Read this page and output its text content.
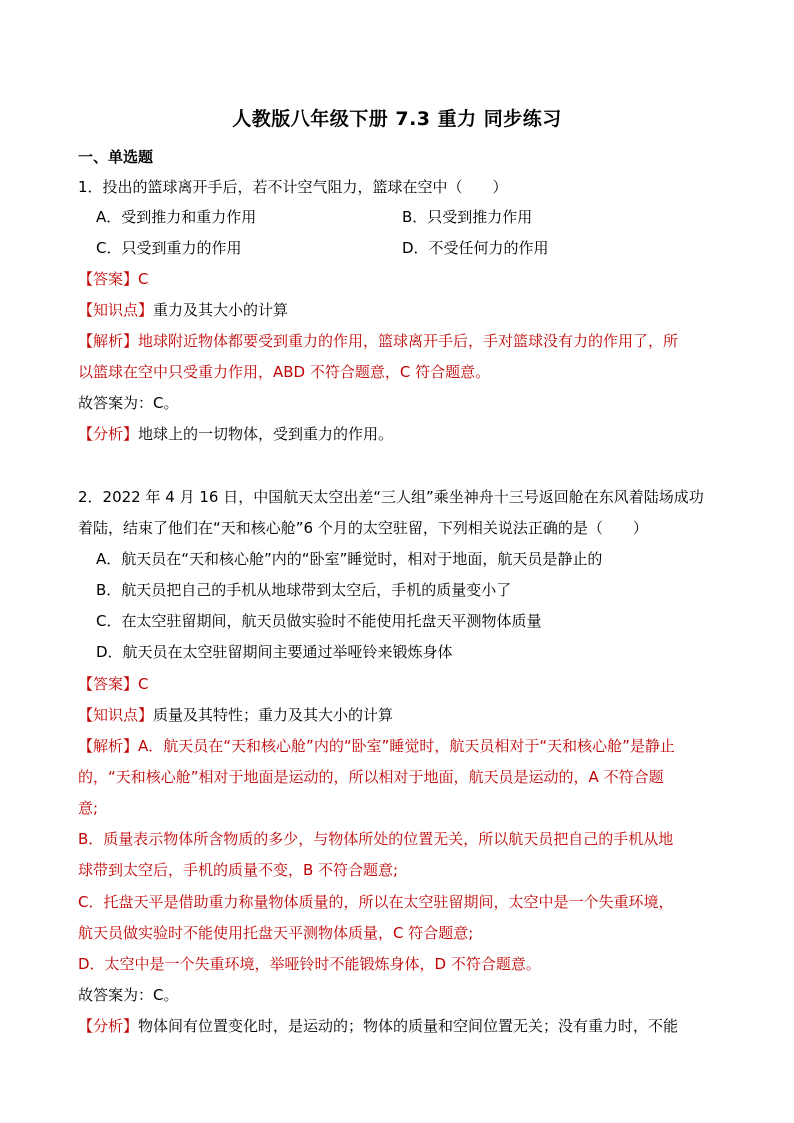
人教版八年级下册 7.3 重力 同步练习
一、单选题
1．投出的篮球离开手后，若不计空气阻力，篮球在空中（　　）
A．受到推力和重力作用	B．只受到推力作用
C．只受到重力的作用	D．不受任何力的作用
【答案】C
【知识点】重力及其大小的计算
【解析】地球附近物体都要受到重力的作用，篮球离开手后，手对篮球没有力的作用了，所
以篮球在空中只受重力作用，ABD 不符合题意，C 符合题意。
故答案为：C。
【分析】地球上的一切物体，受到重力的作用。
2．2022 年 4 月 16 日，中国航天太空出差“三人组”乘坐神舟十三号返回舱在东风着陆场成功
着陆，结束了他们在“天和核心舱”6 个月的太空驻留，下列相关说法正确的是（　　）
A．航天员在“天和核心舱”内的“卧室”睡觉时，相对于地面，航天员是静止的
B．航天员把自己的手机从地球带到太空后，手机的质量变小了
C．在太空驻留期间，航天员做实验时不能使用托盘天平测物体质量
D．航天员在太空驻留期间主要通过举哑铃来锻炼身体
【答案】C
【知识点】质量及其特性；重力及其大小的计算
【解析】A．航天员在“天和核心舱”内的“卧室”睡觉时，航天员相对于“天和核心舱”是静止
的，“天和核心舱”相对于地面是运动的，所以相对于地面，航天员是运动的，A 不符合题
意;
B．质量表示物体所含物质的多少，与物体所处的位置无关，所以航天员把自己的手机从地
球带到太空后，手机的质量不变，B 不符合题意;
C．托盘天平是借助重力称量物体质量的，所以在太空驻留期间，太空中是一个失重环境，
航天员做实验时不能使用托盘天平测物体质量，C 符合题意;
D．太空中是一个失重环境，举哑铃时不能锻炼身体，D 不符合题意。
故答案为：C。
【分析】物体间有位置变化时，是运动的；物体的质量和空间位置无关；没有重力时，不能
